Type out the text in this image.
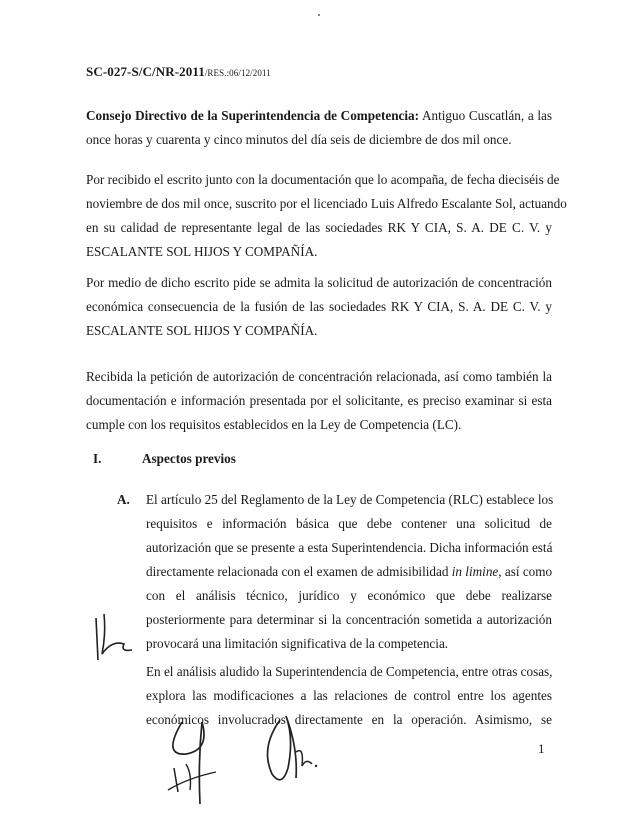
SC-027-S/C/NR-2011/RES.:06/12/2011
Consejo Directivo de la Superintendencia de Competencia: Antiguo Cuscatlán, a las
once horas y cuarenta y cinco minutos del día seis de diciembre de dos mil once.
Por recibido el escrito junto con la documentación que lo acompaña, de fecha dieciséis de
noviembre de dos mil once, suscrito por el licenciado Luis Alfredo Escalante Sol, actuando
en su calidad de representante legal de las sociedades RK Y CIA, S. A. DE C. V. y
ESCALANTE SOL HIJOS Y COMPAÑÍA.
Por medio de dicho escrito pide se admita la solicitud de autorización de concentración
económica consecuencia de la fusión de las sociedades RK Y CIA, S. A. DE C. V. y
ESCALANTE SOL HIJOS Y COMPAÑÍA.
Recibida la petición de autorización de concentración relacionada, así como también la
documentación e información presentada por el solicitante, es preciso examinar si esta
cumple con los requisitos establecidos en la Ley de Competencia (LC).
I.	Aspectos previos
A. El artículo 25 del Reglamento de la Ley de Competencia (RLC) establece los
requisitos e información básica que debe contener una solicitud de
autorización que se presente a esta Superintendencia. Dicha información está
directamente relacionada con el examen de admisibilidad in limine, así como
con el análisis técnico, jurídico y económico que debe realizarse
posteriormente para determinar si la concentración sometida a autorización
provocará una limitación significativa de la competencia.
En el análisis aludido la Superintendencia de Competencia, entre otras cosas,
explora las modificaciones a las relaciones de control entre los agentes
económicos involucrados directamente en la operación. Asimismo, se
1
